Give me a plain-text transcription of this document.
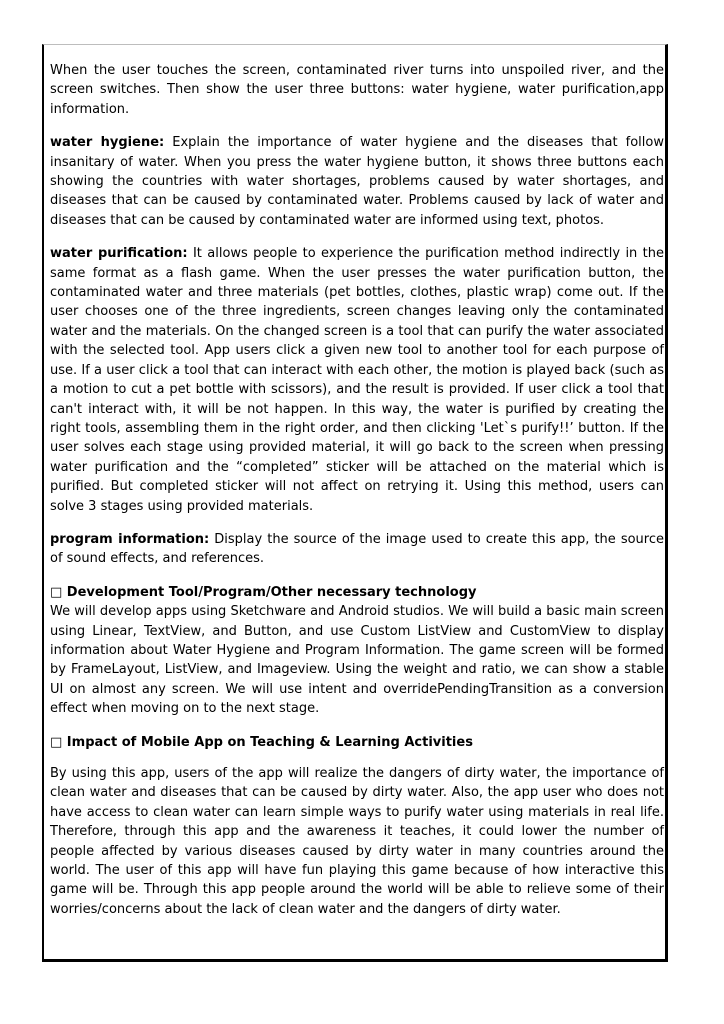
When the user touches the screen, contaminated river turns into unspoiled river, and the screen switches. Then show the user three buttons: water hygiene, water purification,app information.

water hygiene: Explain the importance of water hygiene and the diseases that follow insanitary of water. When you press the water hygiene button, it shows three buttons each showing the countries with water shortages, problems caused by water shortages, and diseases that can be caused by contaminated water. Problems caused by lack of water and diseases that can be caused by contaminated water are informed using text, photos.

water purification: It allows people to experience the purification method indirectly in the same format as a flash game. When the user presses the water purification button, the contaminated water and three materials (pet bottles, clothes, plastic wrap) come out. If the user chooses one of the three ingredients, screen changes leaving only the contaminated water and the materials. On the changed screen is a tool that can purify the water associated with the selected tool. App users click a given new tool to another tool for each purpose of use. If a user click a tool that can interact with each other, the motion is played back (such as a motion to cut a pet bottle with scissors), and the result is provided. If user click a tool that can't interact with, it will be not happen. In this way, the water is purified by creating the right tools, assembling them in the right order, and then clicking 'Let`s purify!!’ button. If the user solves each stage using provided material, it will go back to the screen when pressing water purification and the “completed” sticker will be attached on the material which is purified. But completed sticker will not affect on retrying it. Using this method, users can solve 3 stages using provided materials.

program information: Display the source of the image used to create this app, the source of sound effects, and references.

□ Development Tool/Program/Other necessary technology

We will develop apps using Sketchware and Android studios. We will build a basic main screen using Linear, TextView, and Button, and use Custom ListView and CustomView to display information about Water Hygiene and Program Information. The game screen will be formed by FrameLayout, ListView, and Imageview. Using the weight and ratio, we can show a stable UI on almost any screen. We will use intent and overridePendingTransition as a conversion effect when moving on to the next stage.

□ Impact of Mobile App on Teaching & Learning Activities

By using this app, users of the app will realize the dangers of dirty water, the importance of clean water and diseases that can be caused by dirty water. Also, the app user who does not have access to clean water can learn simple ways to purify water using materials in real life. Therefore, through this app and the awareness it teaches, it could lower the number of people affected by various diseases caused by dirty water in many countries around the world. The user of this app will have fun playing this game because of how interactive this game will be. Through this app people around the world will be able to relieve some of their worries/concerns about the lack of clean water and the dangers of dirty water.
